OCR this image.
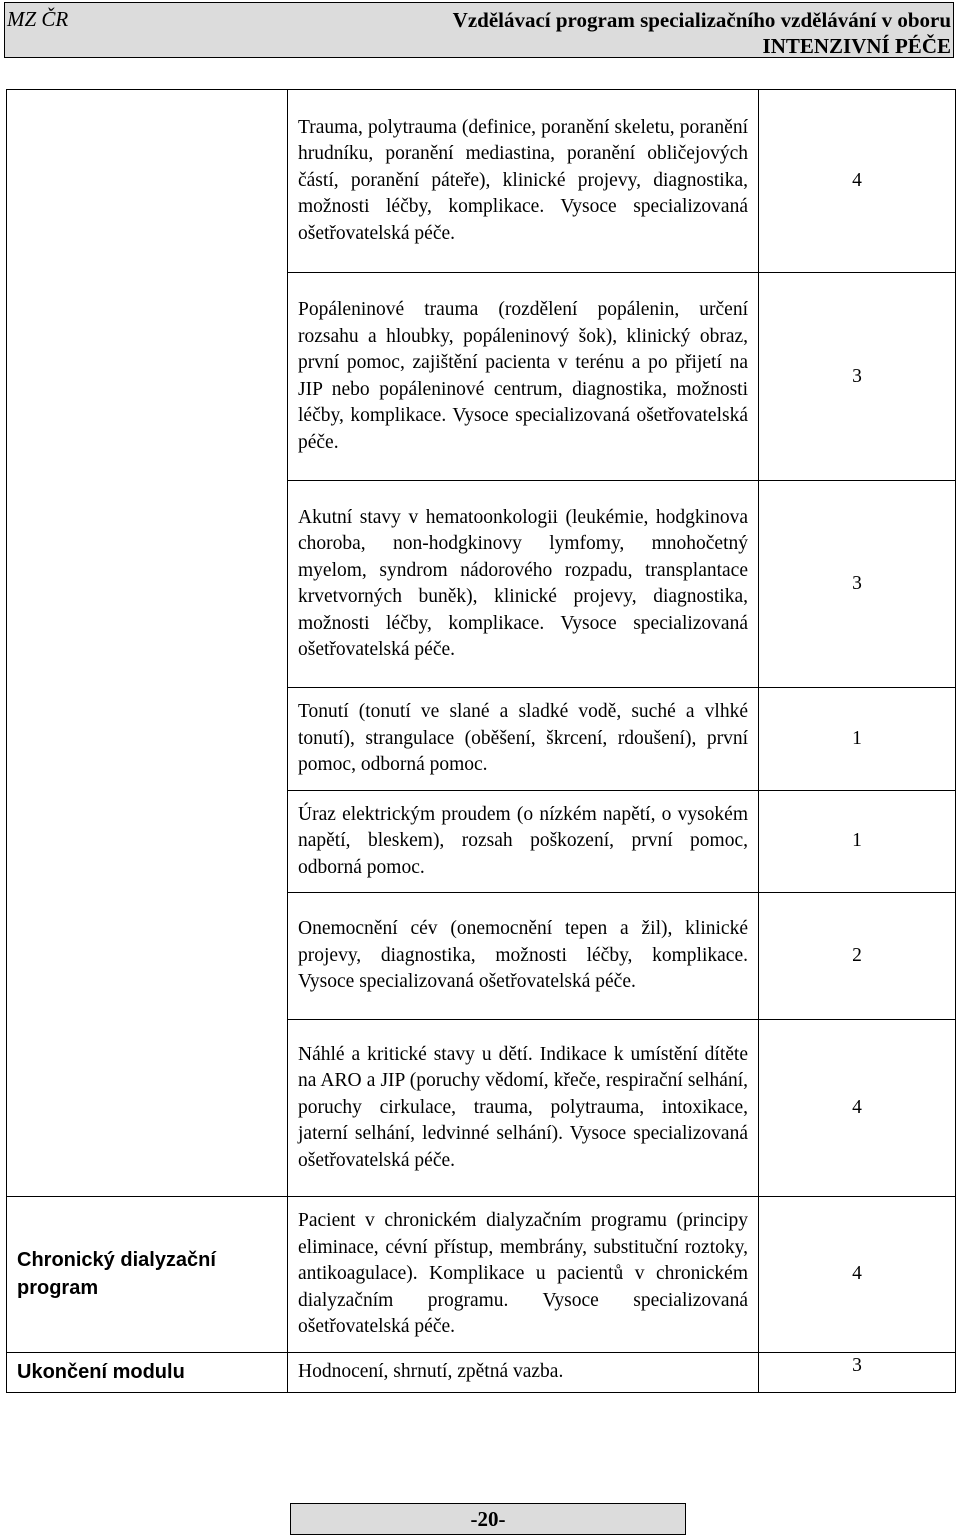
MZ ČR	Vzdělávací program specializačního vzdělávání v oboru
INTENZIVNÍ PÉČE

	Trauma, polytrauma (definice, poranění skeletu, poranění hrudníku, poranění mediastina, poranění obličejových částí, poranění páteře), klinické projevy, diagnostika, možnosti léčby, komplikace. Vysoce specializovaná ošetřovatelská péče.	4

	Popáleninové trauma (rozdělení popálenin, určení rozsahu a hloubky, popáleninový šok), klinický obraz, první pomoc, zajištění pacienta v terénu a po přijetí na JIP nebo popáleninové centrum, diagnostika, možnosti léčby, komplikace. Vysoce specializovaná ošetřovatelská péče.	3

	Akutní stavy v hematoonkologii (leukémie, hodgkinova choroba, non-hodgkinovy lymfomy, mnohočetný myelom, syndrom nádorového rozpadu, transplantace krvetvorných buněk), klinické projevy, diagnostika, možnosti léčby, komplikace. Vysoce specializovaná ošetřovatelská péče.	3

	Tonutí (tonutí ve slané a sladké vodě, suché a vlhké tonutí), strangulace (oběšení, škrcení, rdoušení), první pomoc, odborná pomoc.	1

	Úraz elektrickým proudem (o nízkém napětí, o vysokém napětí, bleskem), rozsah poškození, první pomoc, odborná pomoc.	1

	Onemocnění cév (onemocnění tepen a žil), klinické projevy, diagnostika, možnosti léčby, komplikace. Vysoce specializovaná ošetřovatelská péče.	2

	Náhlé a kritické stavy u dětí. Indikace k umístění dítěte na ARO a JIP (poruchy vědomí, křeče, respirační selhání, poruchy cirkulace, trauma, polytrauma, intoxikace, jaterní selhání, ledvinné selhání). Vysoce specializovaná ošetřovatelská péče.	4

Chronický dialyzační program	Pacient v chronickém dialyzačním programu (principy eliminace, cévní přístup, membrány, substituční roztoky, antikoagulace). Komplikace u pacientů v chronickém dialyzačním programu. Vysoce specializovaná ošetřovatelská péče.	4

Ukončení modulu	Hodnocení, shrnutí, zpětná vazba.	3
-20-
